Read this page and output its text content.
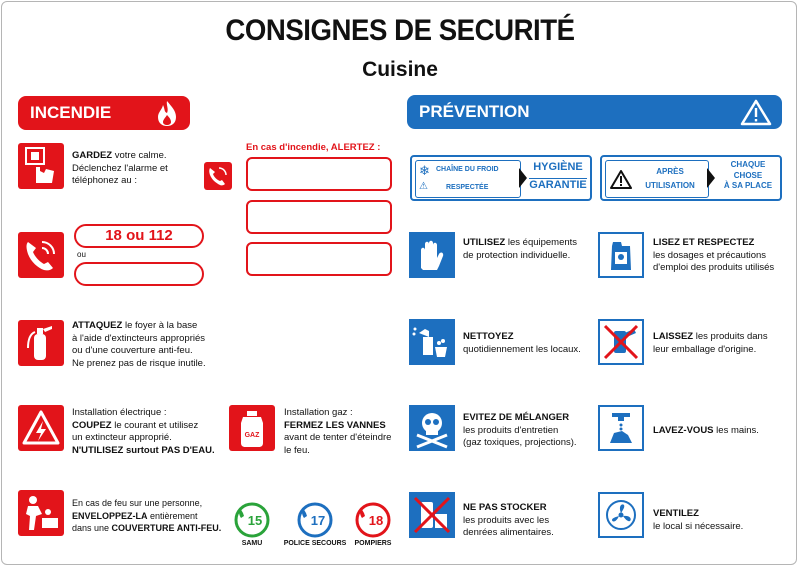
CONSIGNES DE SECURITÉ
Cuisine
INCENDIE
GARDEZ votre calme.
Déclenchez l'alarme et
téléphonez au :
18 ou 112
ou
En cas d'incendie, ALERTEZ :
ATTAQUEZ le foyer à la base
à l'aide d'extincteurs appropriés
ou d'une couverture anti-feu.
Ne prenez pas de risque inutile.
Installation électrique :
COUPEZ le courant et utilisez
un extincteur approprié.
N'UTILISEZ surtout PAS D'EAU.
GAZ
Installation gaz :
FERMEZ LES VANNES
avant de tenter d'éteindre
le feu.
En cas de feu sur une personne,
ENVELOPPEZ-LA entièrement
dans une COUVERTURE ANTI-FEU.	15
SAMU
17
POLICE SECOURS
18
POMPIERS
PRÉVENTION
❄ CHAÎNE DU FROID
⚠	RESPECTÉE
HYGIÈNE
GARANTIE
APRÈS
UTILISATION
CHAQUE
CHOSE
À SA PLACE
UTILISEZ les équipements
de protection individuelle.
LISEZ ET RESPECTEZ
les dosages et précautions
d'emploi des produits utilisés
NETTOYEZ
quotidiennement les locaux.
LAISSEZ les produits dans
leur emballage d'origine.
EVITEZ DE MÉLANGER
les produits d'entretien
(gaz toxiques, projections).
LAVEZ-VOUS les mains.
NE PAS STOCKER
les produits avec les
denrées alimentaires.
VENTILEZ
le local si nécessaire.
